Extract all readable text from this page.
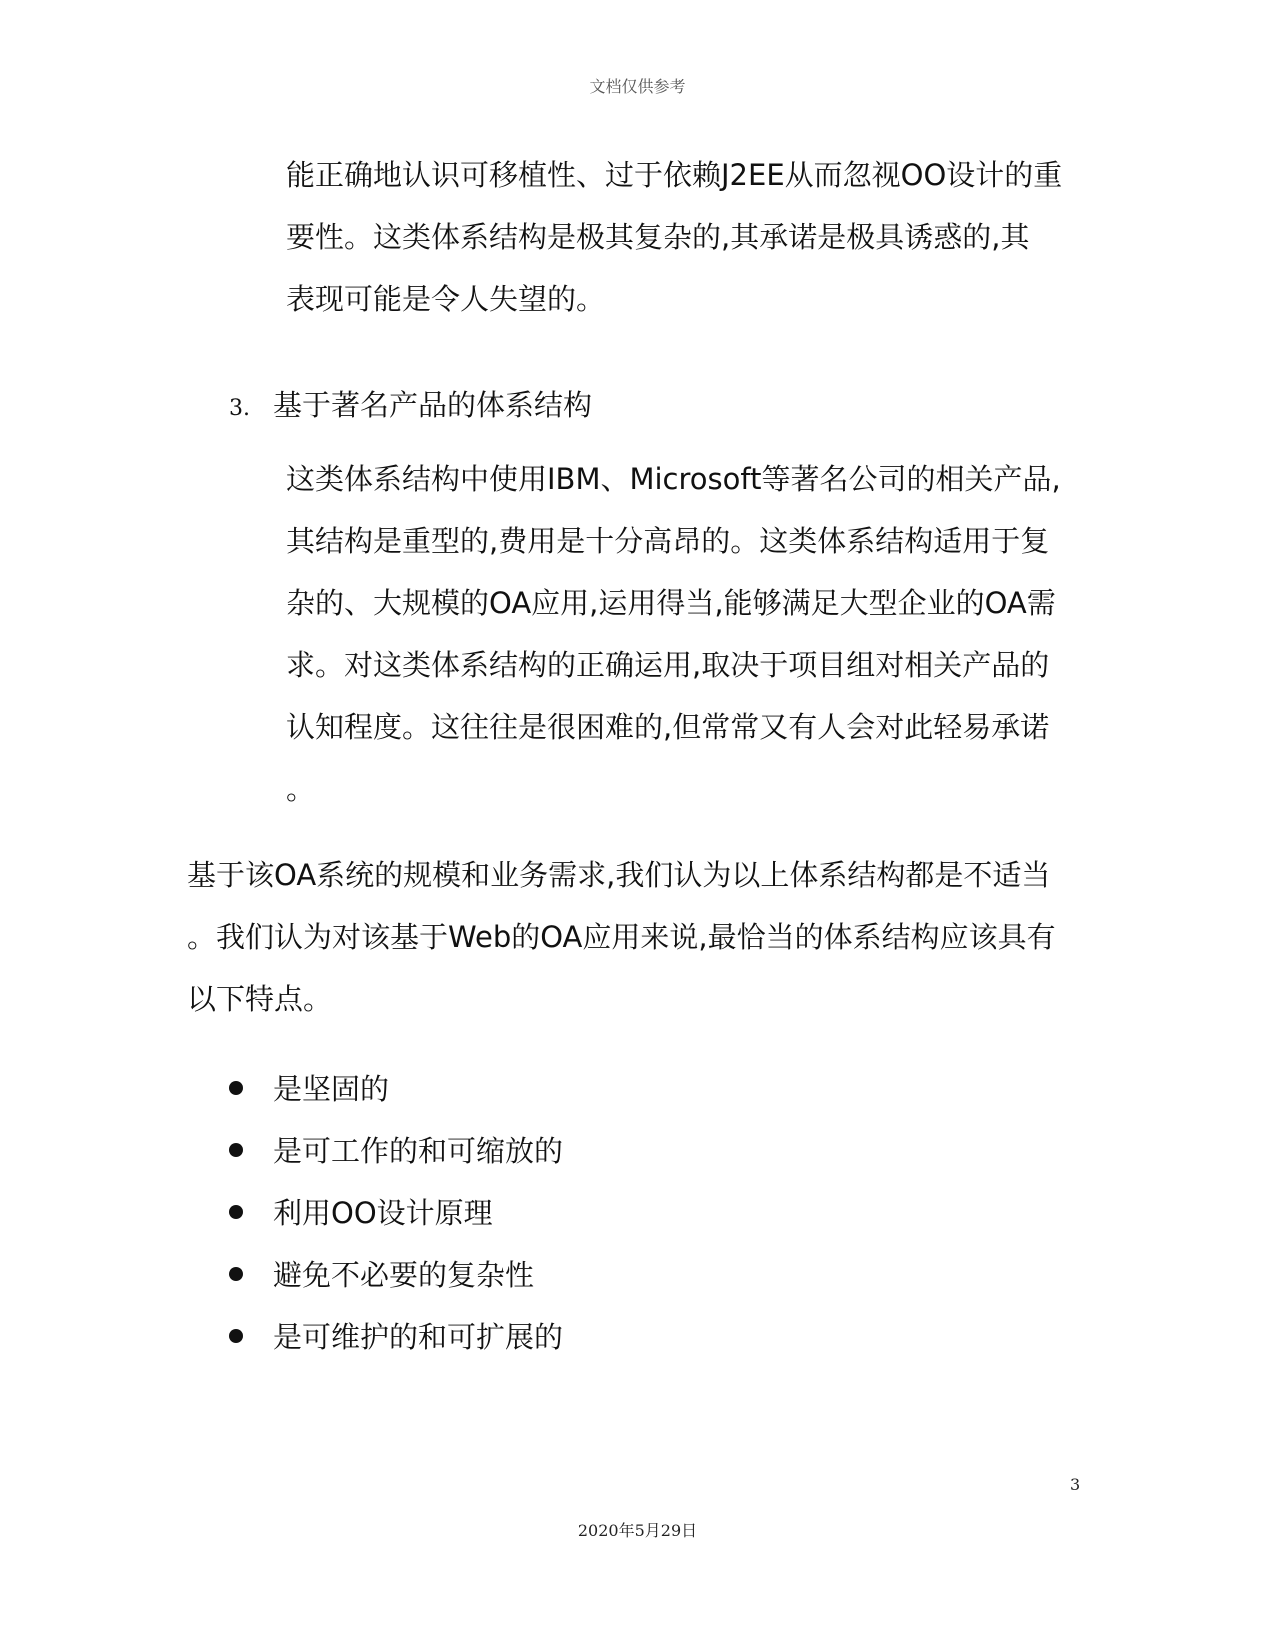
文档仅供参考
能正确地认识可移植性、过于依赖J2EE从而忽视OO设计的重
要性。这类体系结构是极其复杂的,其承诺是极具诱惑的,其
表现可能是令人失望的。
3. 基于著名产品的体系结构
这类体系结构中使用IBM、Microsoft等著名公司的相关产品,
其结构是重型的,费用是十分高昂的。这类体系结构适用于复
杂的、大规模的OA应用,运用得当,能够满足大型企业的OA需
求。对这类体系结构的正确运用,取决于项目组对相关产品的
认知程度。这往往是很困难的,但常常又有人会对此轻易承诺
。
基于该OA系统的规模和业务需求,我们认为以上体系结构都是不适当
。我们认为对该基于Web的OA应用来说,最恰当的体系结构应该具有
以下特点。
是坚固的
是可工作的和可缩放的
利用OO设计原理
避免不必要的复杂性
是可维护的和可扩展的
3
2020年5月29日
